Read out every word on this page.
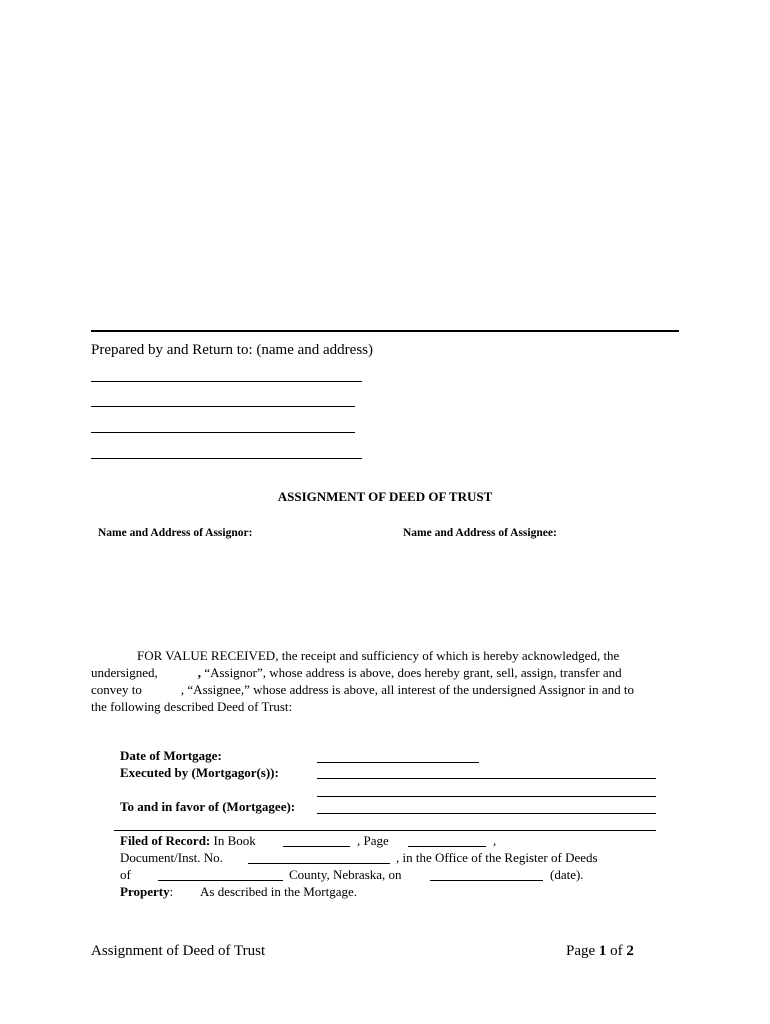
Prepared by and Return to: (name and address)
ASSIGNMENT OF DEED OF TRUST
Name and Address of Assignor:	Name and Address of Assignee:
FOR VALUE RECEIVED, the receipt and sufficiency of which is hereby acknowledged, the
undersigned,	, “Assignor”, whose address is above, does hereby grant, sell, assign, transfer and
convey to	, “Assignee,” whose address is above, all interest of the undersigned Assignor in and to
the following described Deed of Trust:
Date of Mortgage:
Executed by (Mortgagor(s)):
To and in favor of (Mortgagee):
Filed of Record: In Book	, Page	,
Document/Inst. No.	, in the Office of the Register of Deeds
of	County, Nebraska, on	(date).
Property: As described in the Mortgage.
Assignment of Deed of Trust	Page 1 of 2
